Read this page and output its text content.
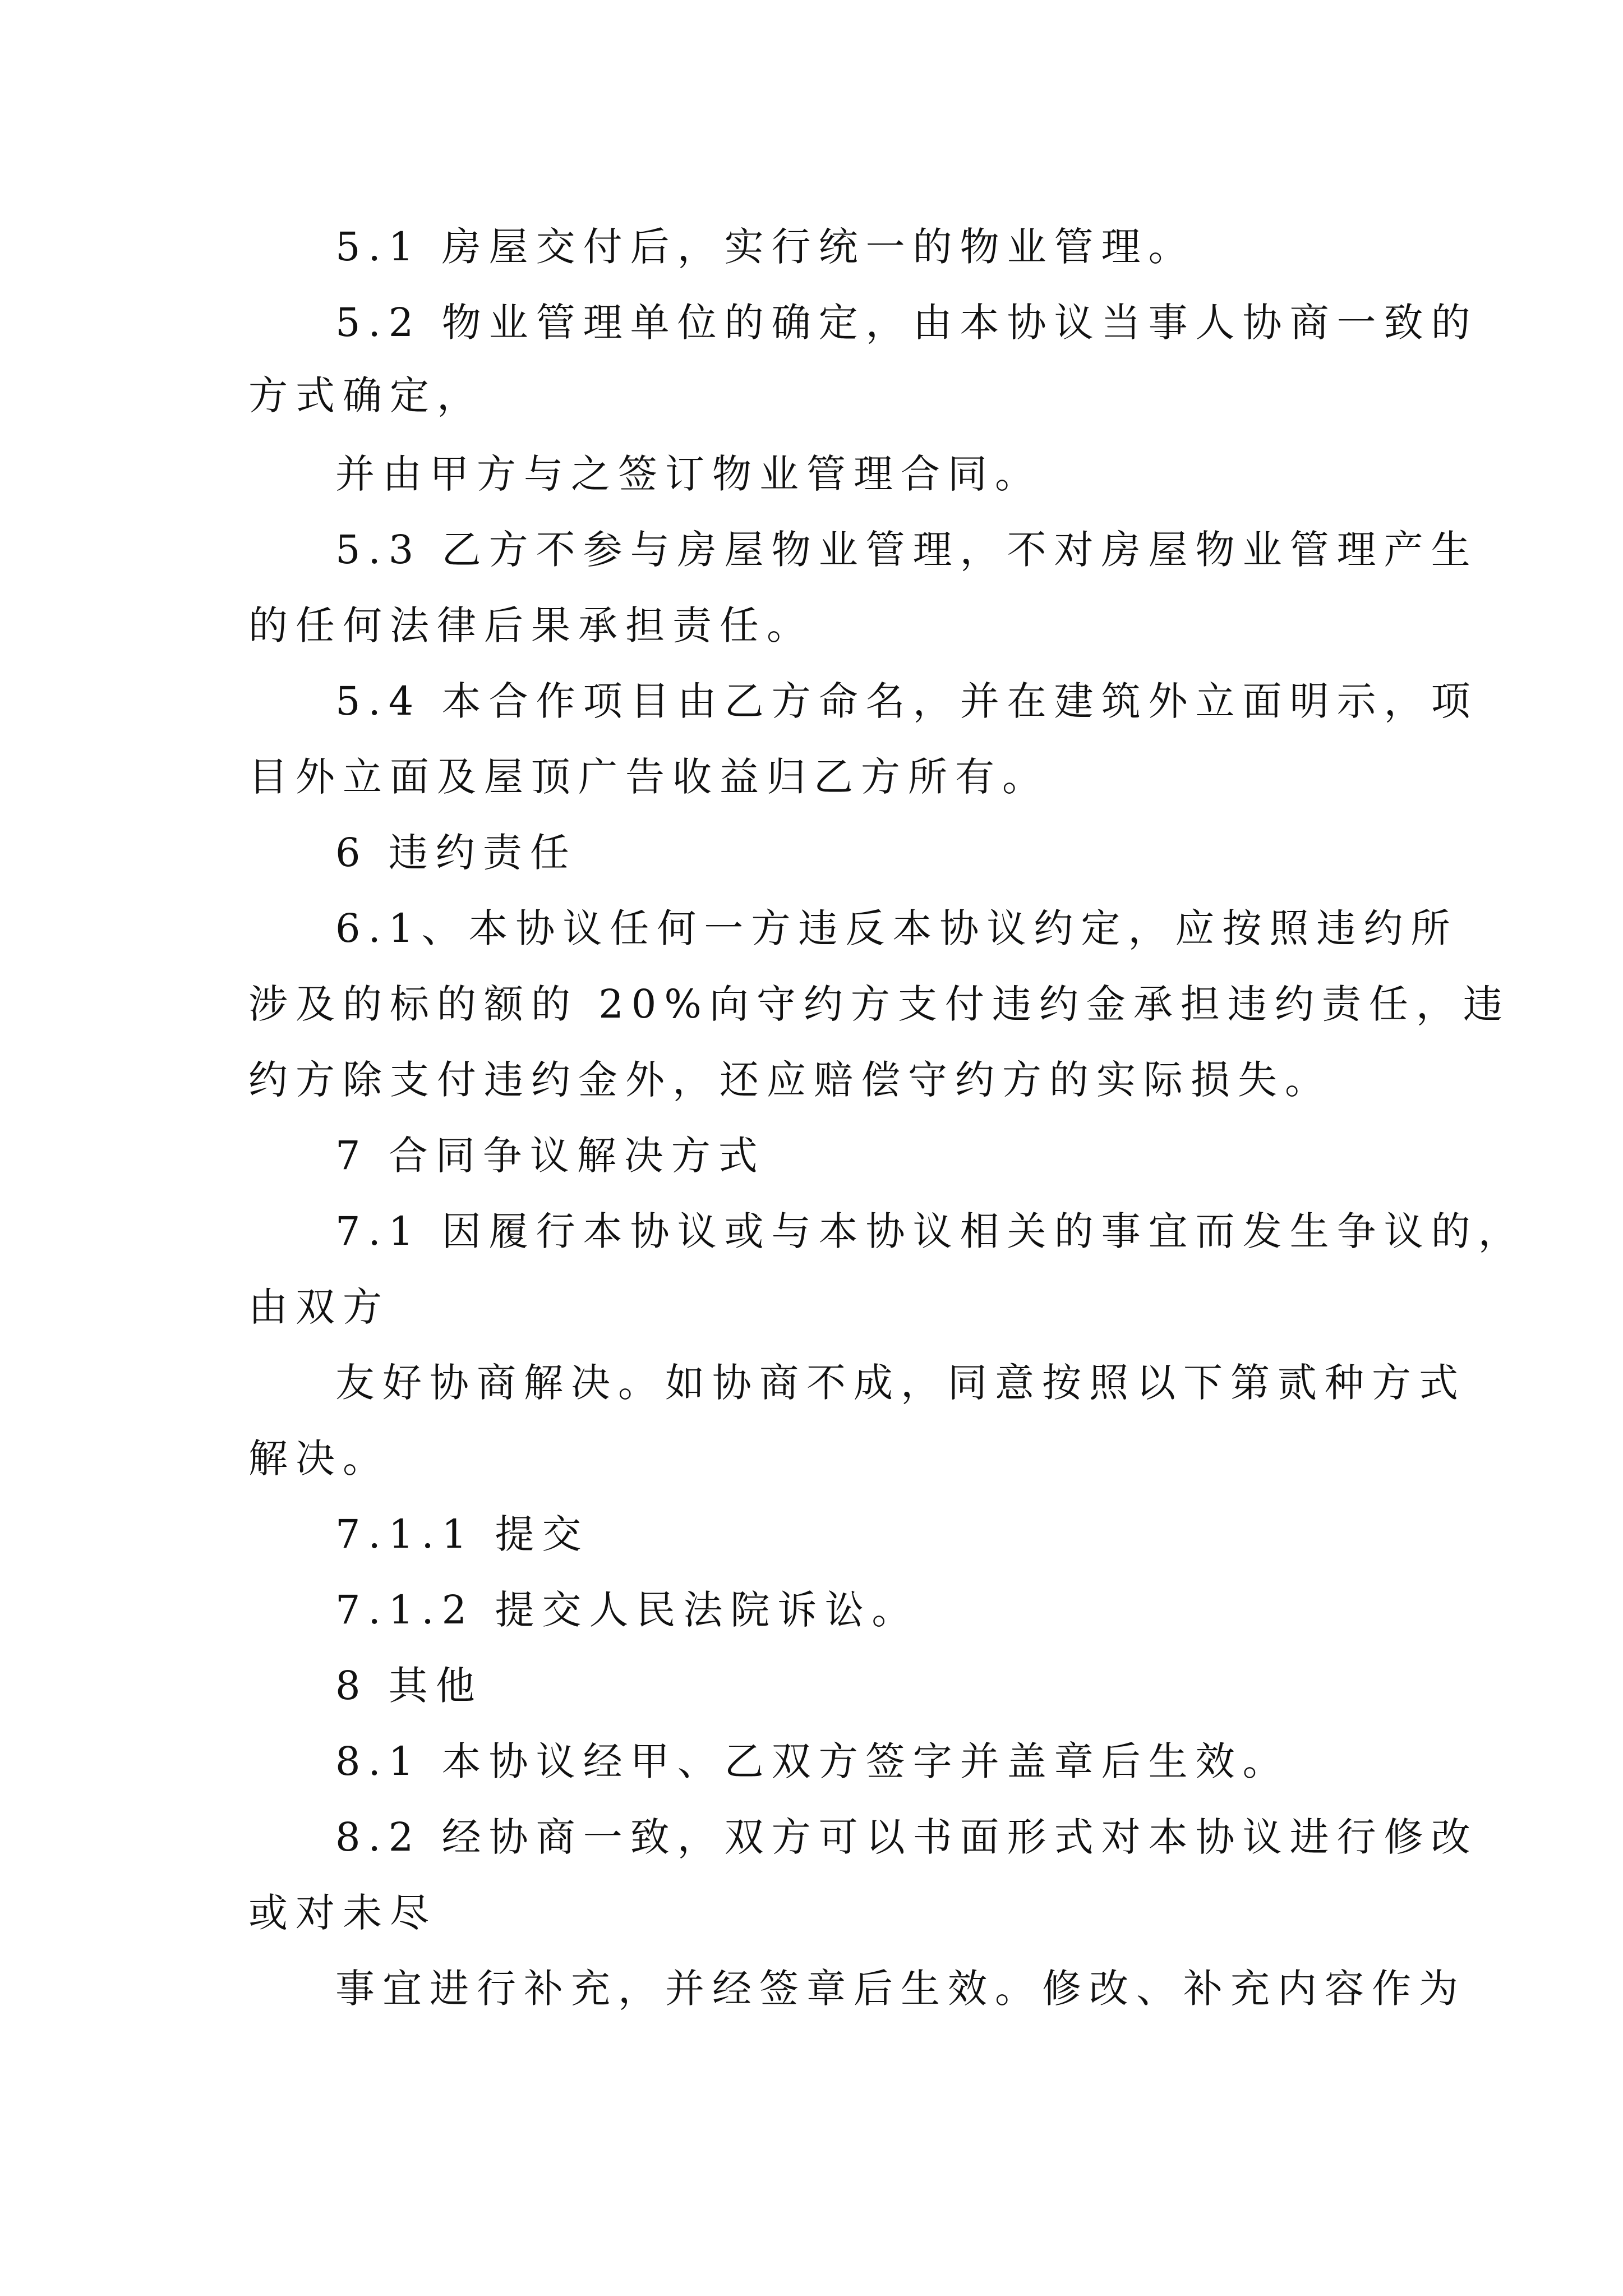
5.1 房屋交付后，实行统一的物业管理。
5.2 物业管理单位的确定，由本协议当事人协商一致的
方式确定，
并由甲方与之签订物业管理合同。
5.3 乙方不参与房屋物业管理，不对房屋物业管理产生
的任何法律后果承担责任。
5.4 本合作项目由乙方命名，并在建筑外立面明示，项
目外立面及屋顶广告收益归乙方所有。
6 违约责任
6.1、本协议任何一方违反本协议约定，应按照违约所
涉及的标的额的 20%向守约方支付违约金承担违约责任，违
约方除支付违约金外，还应赔偿守约方的实际损失。
7 合同争议解决方式
7.1 因履行本协议或与本协议相关的事宜而发生争议的，
由双方
友好协商解决。如协商不成，同意按照以下第贰种方式
解决。
7.1.1 提交
7.1.2 提交人民法院诉讼。
8 其他
8.1 本协议经甲、乙双方签字并盖章后生效。
8.2 经协商一致，双方可以书面形式对本协议进行修改
或对未尽
事宜进行补充，并经签章后生效。修改、补充内容作为
